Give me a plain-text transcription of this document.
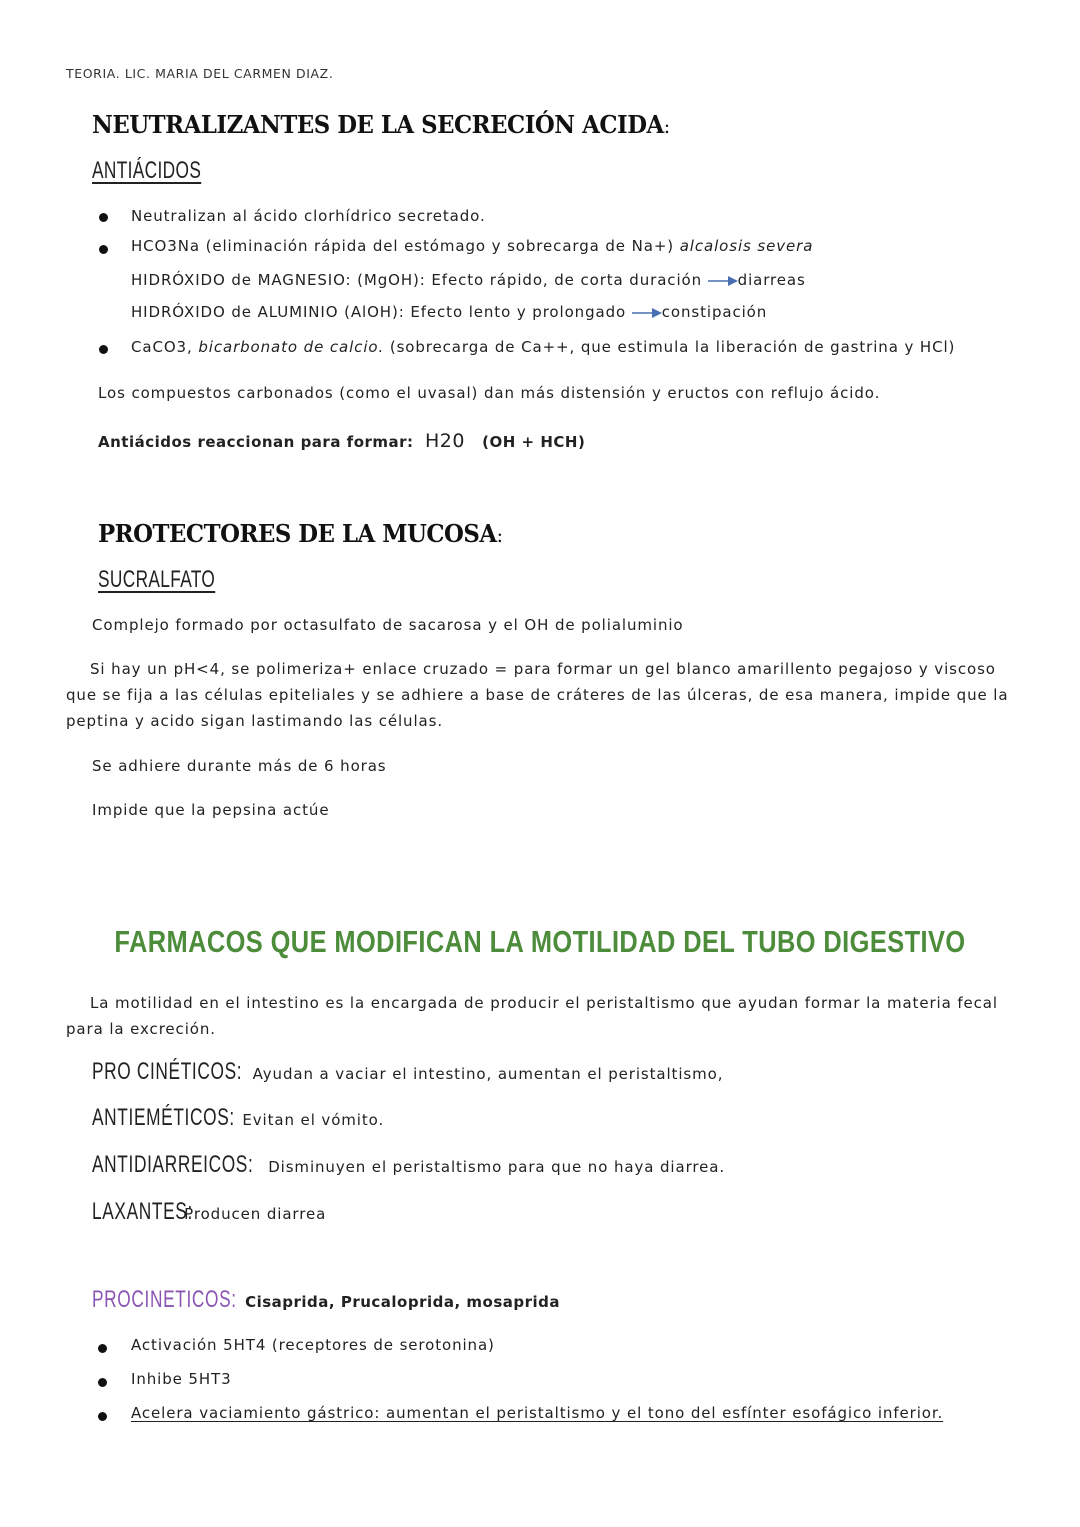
TEORIA. LIC. MARIA DEL CARMEN DIAZ.
NEUTRALIZANTES DE LA SECRECIÓN ACIDA:
ANTIÁCIDOS
Neutralizan al ácido clorhídrico secretado.
HCO3Na (eliminación rápida del estómago y sobrecarga de Na+) alcalosis severa
HIDRÓXIDO de MAGNESIO: (MgOH): Efecto rápido, de corta duración diarreas
HIDRÓXIDO de ALUMINIO (AlOH): Efecto lento y prolongado constipación
CaCO3, bicarbonato de calcio. (sobrecarga de Ca++, que estimula la liberación de gastrina y HCl)
Los compuestos carbonados (como el uvasal) dan más distensión y eructos con reflujo ácido.
Antiácidos reaccionan para formar: H20 (OH + HCH)
PROTECTORES DE LA MUCOSA:
SUCRALFATO
Complejo formado por octasulfato de sacarosa y el OH de polialuminio
Si hay un pH<4, se polimeriza+ enlace cruzado = para formar un gel blanco amarillento pegajoso y viscoso que se fija a las células epiteliales y se adhiere a base de cráteres de las úlceras, de esa manera, impide que la peptina y acido sigan lastimando las células.
Se adhiere durante más de 6 horas
Impide que la pepsina actúe
FARMACOS QUE MODIFICAN LA MOTILIDAD DEL TUBO DIGESTIVO
La motilidad en el intestino es la encargada de producir el peristaltismo que ayudan formar la materia fecal para la excreción.
PRO CINÉTICOS: Ayudan a vaciar el intestino, aumentan el peristaltismo,
ANTIEMÉTICOS: Evitan el vómito.
ANTIDIARREICOS: Disminuyen el peristaltismo para que no haya diarrea.
LAXANTES:Producen diarrea
PROCINETICOS: Cisaprida, Prucaloprida, mosaprida
Activación 5HT4 (receptores de serotonina)
Inhibe 5HT3
Acelera vaciamiento gástrico: aumentan el peristaltismo y el tono del esfínter esofágico inferior.
